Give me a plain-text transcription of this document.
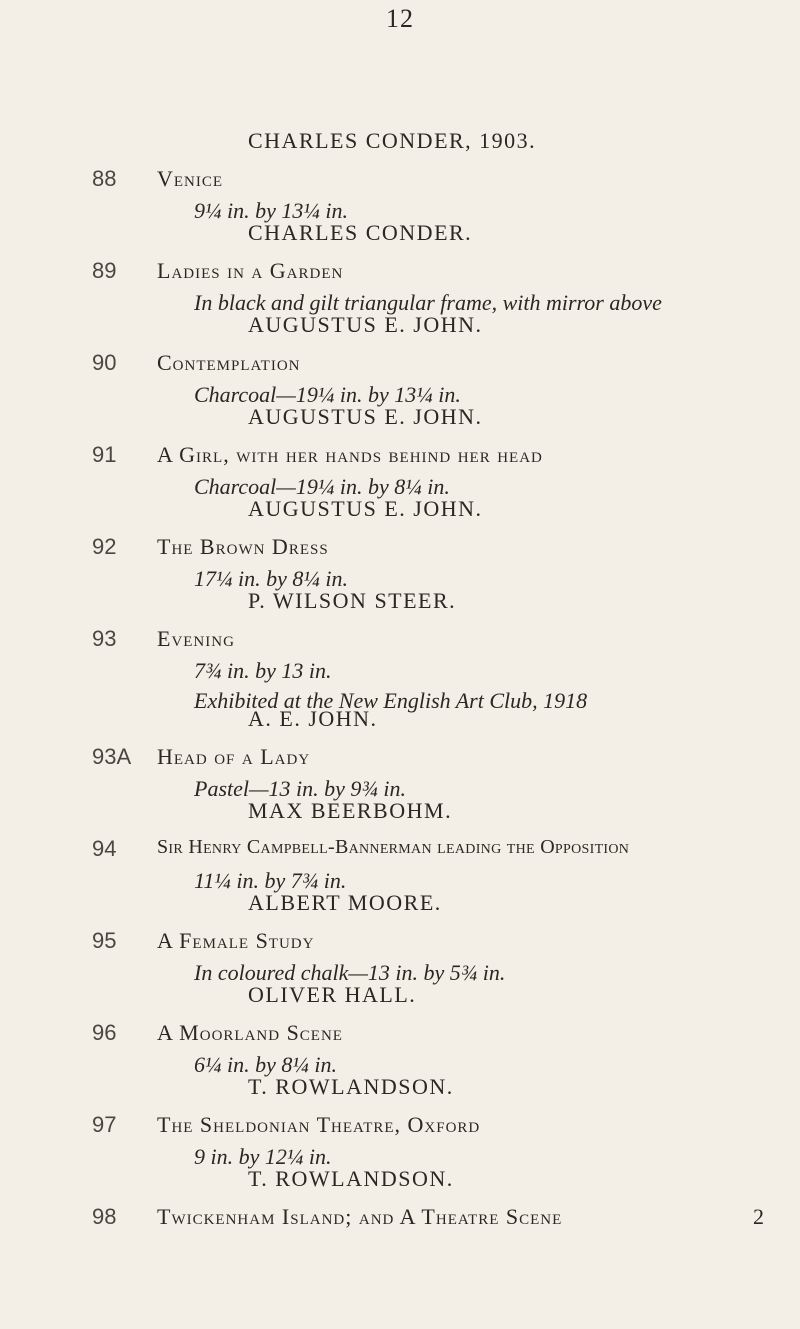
12
CHARLES CONDER, 1903.
88 Venice
9¼ in. by 13¼ in.
CHARLES CONDER.
89 Ladies in a Garden
In black and gilt triangular frame, with mirror above
AUGUSTUS E. JOHN.
90 Contemplation
Charcoal—19¼ in. by 13¼ in.
AUGUSTUS E. JOHN.
91 A Girl, with her hands behind her head
Charcoal—19¼ in. by 8¼ in.
AUGUSTUS E. JOHN.
92 The Brown Dress
17¼ in. by 8¼ in.
P. WILSON STEER.
93 Evening
7¾ in. by 13 in.
Exhibited at the New English Art Club, 1918
A. E. JOHN.
93A Head of a Lady
Pastel—13 in. by 9¾ in.
MAX BEERBOHM.
94 Sir Henry Campbell-Bannerman leading the Opposition
11¼ in. by 7¾ in.
ALBERT MOORE.
95 A Female Study
In coloured chalk—13 in. by 5¾ in.
OLIVER HALL.
96 A Moorland Scene
6¼ in. by 8¼ in.
T. ROWLANDSON.
97 The Sheldonian Theatre, Oxford
9 in. by 12¼ in.
T. ROWLANDSON.
98 Twickenham Island; and A Theatre Scene	2
